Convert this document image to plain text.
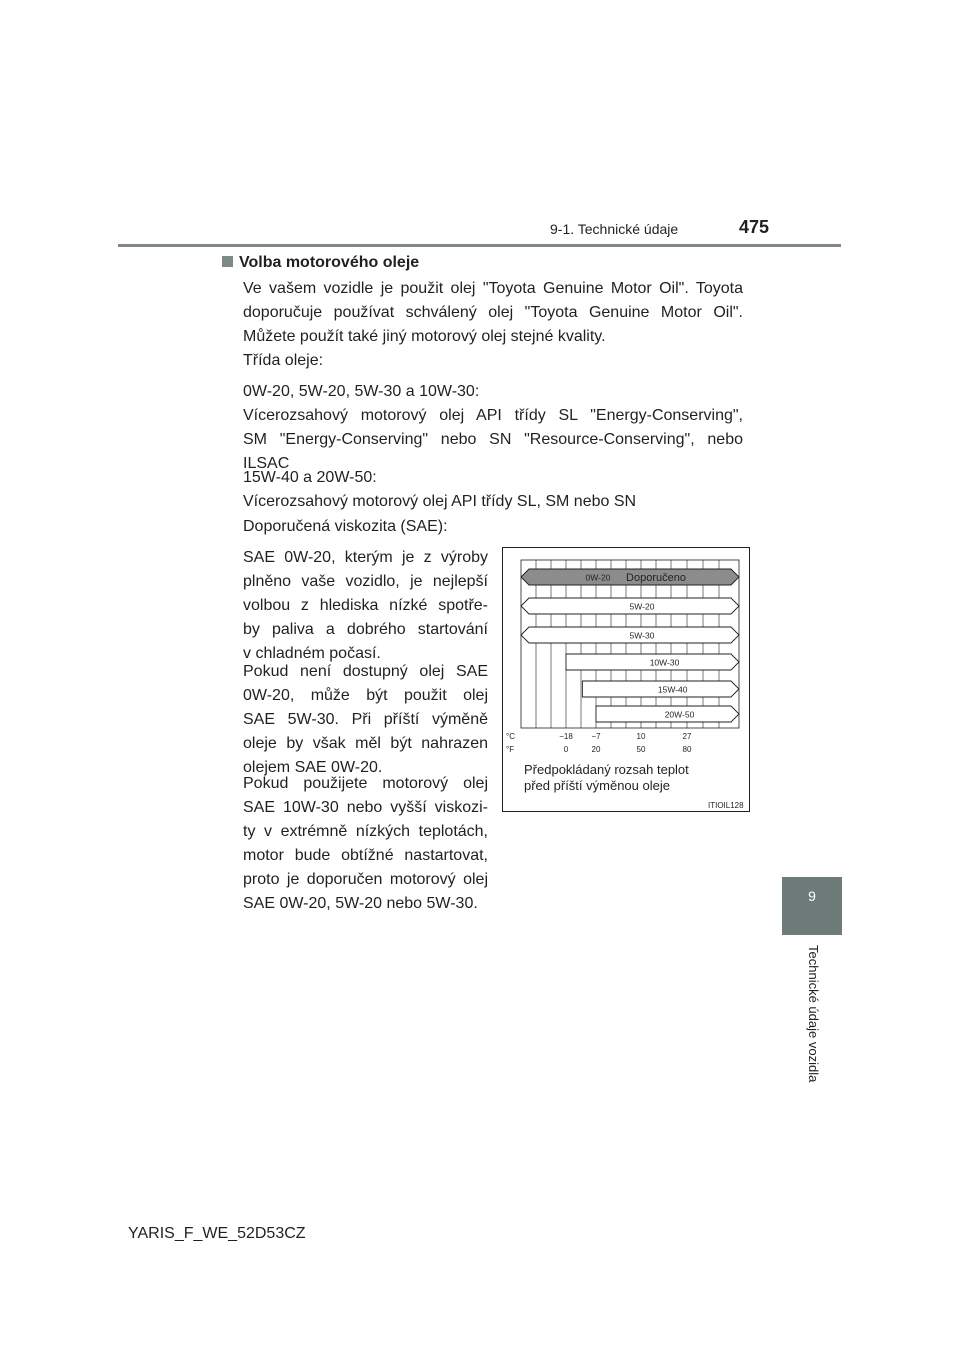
9-1. Technické údaje	475
9
Technické údaje vozidla
Volba motorového oleje
Ve vašem vozidle je použit olej "Toyota Genuine Motor Oil". Toyota
doporučuje používat schválený olej "Toyota Genuine Motor Oil".
Můžete použít také jiný motorový olej stejné kvality.
Třída oleje:
0W-20, 5W-20, 5W-30 a 10W-30:
Vícerozsahový motorový olej API třídy SL "Energy-Conserving",
SM "Energy-Conserving" nebo SN "Resource-Conserving", nebo
ILSAC
15W-40 a 20W-50:
Vícerozsahový motorový olej API třídy SL, SM nebo SN
Doporučená viskozita (SAE):
SAE 0W-20, kterým je z výroby
plněno vaše vozidlo, je nejlepší
volbou z hlediska nízké spotře-
by paliva a dobrého startování
v chladném počasí.
Pokud není dostupný olej SAE
0W-20, může být použit olej
SAE 5W-30. Při příští výměně
oleje by však měl být nahrazen
olejem SAE 0W-20.
Pokud použijete motorový olej
SAE 10W-30 nebo vyšší viskozi-
ty v extrémně nízkých teplotách,
motor bude obtížné nastartovat,
proto je doporučen motorový olej
SAE 0W-20, 5W-20 nebo 5W-30.
0W-20 Doporučeno
5W-20
5W-30
10W-30
15W-40
20W-50
°C
°F
−18 −7	10	27
0	20	50	80
Předpokládaný rozsah teplot
před příští výměnou oleje
ITIOIL128
YARIS_F_WE_52D53CZ
